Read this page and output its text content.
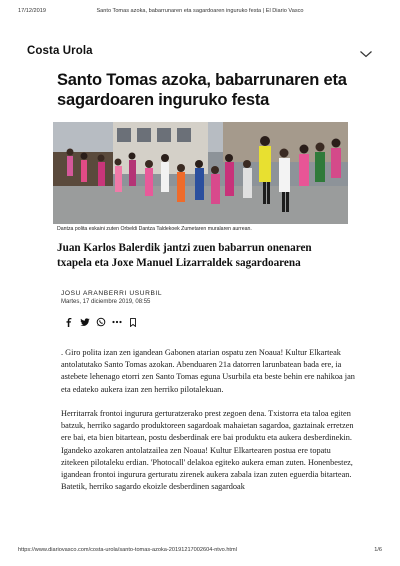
17/12/2019	Santo Tomas azoka, babarrunaren eta sagardoaren inguruko festa | El Diario Vasco
Costa Urola
Santo Tomas azoka, babarrunaren eta sagardoaren inguruko festa
Dantza polita eskaini zuten Orbeldi Dantza Taldekoek Zumetaren muralaren aurrean.
Juan Karlos Balerdik jantzi zuen babarrun onenaren txapela eta Joxe Manuel Lizarraldek sagardoarena
JOSU ARANBERRI USURBIL
Martes, 17 diciembre 2019, 08:55

. Giro polita izan zen igandean Gabonen atarian ospatu zen Noaua! Kultur Elkarteak antolatutako Santo Tomas azokan. Abenduaren 21a datorren larunbatean bada ere, ia astebete lehenago etorri zen Santo Tomas eguna Usurbila eta beste behin ere nahikoa jan eta edateko aukera izan zen herriko pilotalekuan.

Herritarrak frontoi ingurura gerturatzerako prest zegoen dena. Txistorra eta taloa egiten batzuk, herriko sagardo produktoreen sagardoak mahaietan sagardoa, gaztainak erretzen ere bai, eta bien bitartean, postu desberdinak ere bai produktu eta aukera desberdinekin. Igandeko azokaren antolatzailea zen Noaua! Kultur Elkartearen postua ere topatu zitekeen pilotaleku erdian. 'Photocall' delakoa egiteko aukera eman zuten. Honenbestez, igandean frontoi ingurura gerturatu zirenek aukera zabala izan zuten eguerdia bitartean. Batetik, herriko sagardo ekoizle desberdinen sagardoak

https://www.diariovasco.com/costa-urola/santo-tomas-azoka-20191217002604-ntvo.html	1/6
